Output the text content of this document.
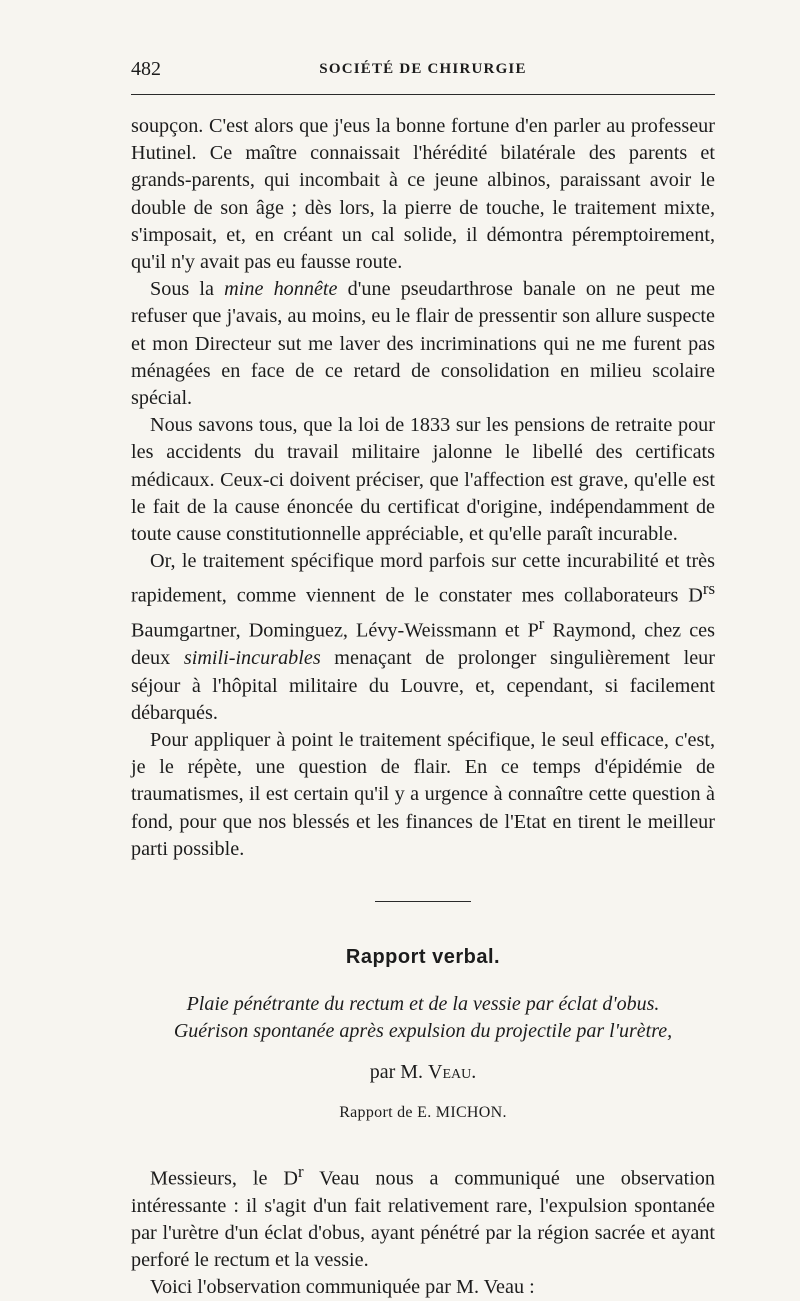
482	SOCIÉTÉ DE CHIRURGIE

soupçon. C'est alors que j'eus la bonne fortune d'en parler au professeur Hutinel. Ce maître connaissait l'hérédité bilatérale des parents et grands-parents, qui incombait à ce jeune albinos, paraissant avoir le double de son âge ; dès lors, la pierre de touche, le traitement mixte, s'imposait, et, en créant un cal solide, il démontra péremptoirement, qu'il n'y avait pas eu fausse route.

Sous la mine honnête d'une pseudarthrose banale on ne peut me refuser que j'avais, au moins, eu le flair de pressentir son allure suspecte et mon Directeur sut me laver des incriminations qui ne me furent pas ménagées en face de ce retard de consolidation en milieu scolaire spécial.

Nous savons tous, que la loi de 1833 sur les pensions de retraite pour les accidents du travail militaire jalonne le libellé des certificats médicaux. Ceux-ci doivent préciser, que l'affection est grave, qu'elle est le fait de la cause énoncée du certificat d'origine, indépendamment de toute cause constitutionnelle appréciable, et qu'elle paraît incurable.

Or, le traitement spécifique mord parfois sur cette incurabilité et très rapidement, comme viennent de le constater mes collaborateurs $D^{rs}$ Baumgartner, Dominguez, Lévy-Weissmann et $P^r$ Raymond, chez ces deux simili-incurables menaçant de prolonger singulièrement leur séjour à l'hôpital militaire du Louvre, et, cependant, si facilement débarqués.

Pour appliquer à point le traitement spécifique, le seul efficace, c'est, je le répète, une question de flair. En ce temps d'épidémie de traumatismes, il est certain qu'il y a urgence à connaître cette question à fond, pour que nos blessés et les finances de l'Etat en tirent le meilleur parti possible.

Rapport verbal.
Plaie pénétrante du rectum et de la vessie par éclat d'obus.
Guérison spontanée après expulsion du projectile par l'urètre,
par M. Veau.
Rapport de E. MICHON.

Messieurs, le $D^r$ Veau nous a communiqué une observation intéressante : il s'agit d'un fait relativement rare, l'expulsion spontanée par l'urètre d'un éclat d'obus, ayant pénétré par la région sacrée et ayant perforé le rectum et la vessie.

Voici l'observation communiquée par M. Veau :
